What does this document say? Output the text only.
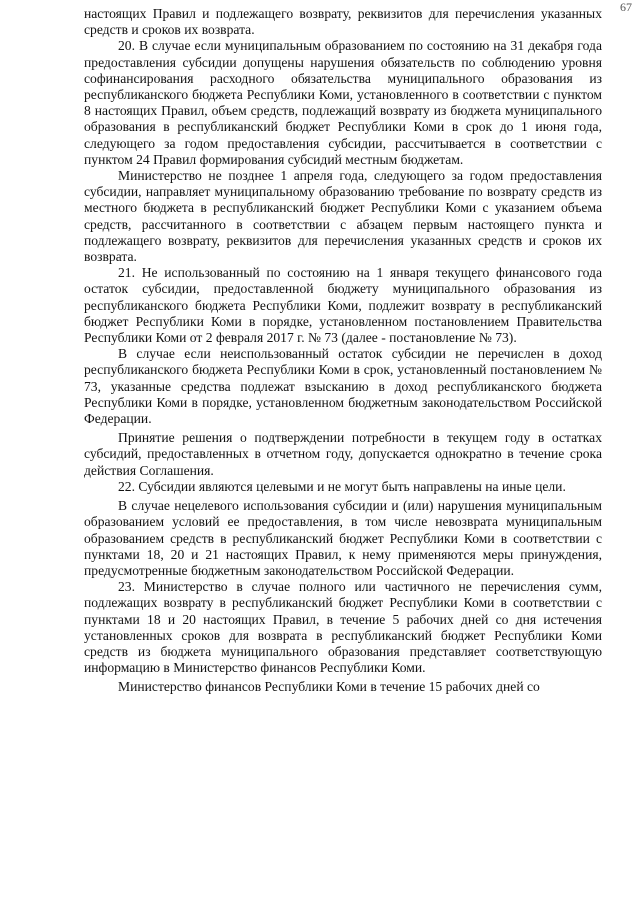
67

настоящих Правил и подлежащего возврату, реквизитов для перечисления указанных средств и сроков их возврата.

20. В случае если муниципальным образованием по состоянию на 31 декабря года предоставления субсидии допущены нарушения обязательств по соблюдению уровня софинансирования расходного обязательства муниципального образования из республиканского бюджета Республики Коми, установленного в соответствии с пунктом 8 настоящих Правил, объем средств, подлежащий возврату из бюджета муниципального образования в республиканский бюджет Республики Коми в срок до 1 июня года, следующего за годом предоставления субсидии, рассчитывается в соответствии с пунктом 24 Правил формирования субсидий местным бюджетам.

Министерство не позднее 1 апреля года, следующего за годом предоставления субсидии, направляет муниципальному образованию требование по возврату средств из местного бюджета в республиканский бюджет Республики Коми с указанием объема средств, рассчитанного в соответствии с абзацем первым настоящего пункта и подлежащего возврату, реквизитов для перечисления указанных средств и сроков их возврата.

21. Не использованный по состоянию на 1 января текущего финансового года остаток субсидии, предоставленной бюджету муниципального образования из республиканского бюджета Республики Коми, подлежит возврату в республиканский бюджет Республики Коми в порядке, установленном постановлением Правительства Республики Коми от 2 февраля 2017 г. № 73 (далее - постановление № 73).

В случае если неиспользованный остаток субсидии не перечислен в доход республиканского бюджета Республики Коми в срок, установленный постановлением № 73, указанные средства подлежат взысканию в доход республиканского бюджета Республики Коми в порядке, установленном бюджетным законодательством Российской Федерации.

Принятие решения о подтверждении потребности в текущем году в остатках субсидий, предоставленных в отчетном году, допускается однократно в течение срока действия Соглашения.

22. Субсидии являются целевыми и не могут быть направлены на иные цели.

В случае нецелевого использования субсидии и (или) нарушения муниципальным образованием условий ее предоставления, в том числе невозврата муниципальным образованием средств в республиканский бюджет Республики Коми в соответствии с пунктами 18, 20 и 21 настоящих Правил, к нему применяются меры принуждения, предусмотренные бюджетным законодательством Российской Федерации.

23. Министерство в случае полного или частичного не перечисления сумм, подлежащих возврату в республиканский бюджет Республики Коми в соответствии с пунктами 18 и 20 настоящих Правил, в течение 5 рабочих дней со дня истечения установленных сроков для возврата в республиканский бюджет Республики Коми средств из бюджета муниципального образования представляет соответствующую информацию в Министерство финансов Республики Коми.

Министерство финансов Республики Коми в течение 15 рабочих дней со
